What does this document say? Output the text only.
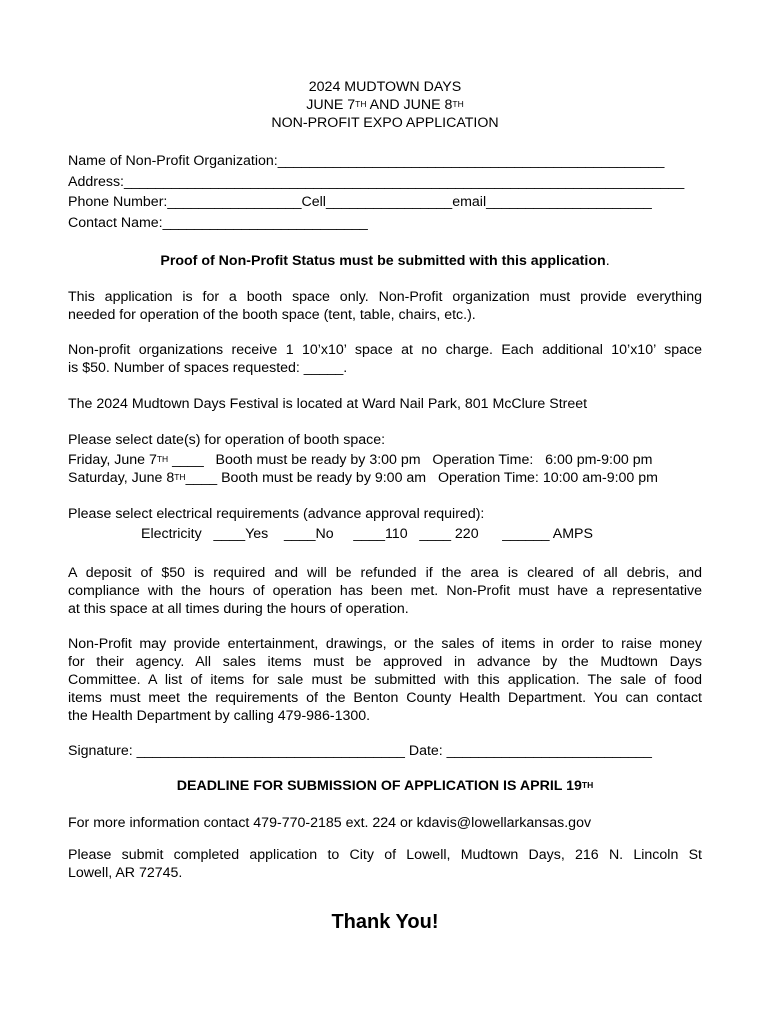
2024 MUDTOWN DAYS
JUNE 7TH AND JUNE 8TH
NON-PROFIT EXPO APPLICATION
Name of Non-Profit Organization:_________________________________________________
Address:_______________________________________________________________________
Phone Number:_________________Cell________________email_____________________
Contact Name:__________________________
Proof of Non-Profit Status must be submitted with this application.
This application is for a booth space only. Non-Profit organization must provide everything
needed for operation of the booth space (tent, table, chairs, etc.).
Non-profit organizations receive 1 10’x10’ space at no charge. Each additional 10’x10’ space
is $50. Number of spaces requested: _____.
The 2024 Mudtown Days Festival is located at Ward Nail Park, 801 McClure Street
Please select date(s) for operation of booth space:
Friday, June 7TH ____   Booth must be ready by 3:00 pm   Operation Time:   6:00 pm-9:00 pm
Saturday, June 8TH____ Booth must be ready by 9:00 am   Operation Time: 10:00 am-9:00 pm
Please select electrical requirements (advance approval required):
Electricity   ____Yes    ____No     ____110   ____ 220      ______ AMPS
A deposit of $50 is required and will be refunded if the area is cleared of all debris, and
compliance with the hours of operation has been met. Non-Profit must have a representative
at this space at all times during the hours of operation.
Non-Profit may provide entertainment, drawings, or the sales of items in order to raise money
for their agency. All sales items must be approved in advance by the Mudtown Days
Committee. A list of items for sale must be submitted with this application. The sale of food
items must meet the requirements of the Benton County Health Department. You can contact
the Health Department by calling 479-986-1300.
Signature: __________________________________ Date: __________________________
DEADLINE FOR SUBMISSION OF APPLICATION IS APRIL 19TH
For more information contact 479-770-2185 ext. 224 or kdavis@lowellarkansas.gov
Please submit completed application to City of Lowell, Mudtown Days, 216 N. Lincoln St
Lowell, AR 72745.
Thank You!
